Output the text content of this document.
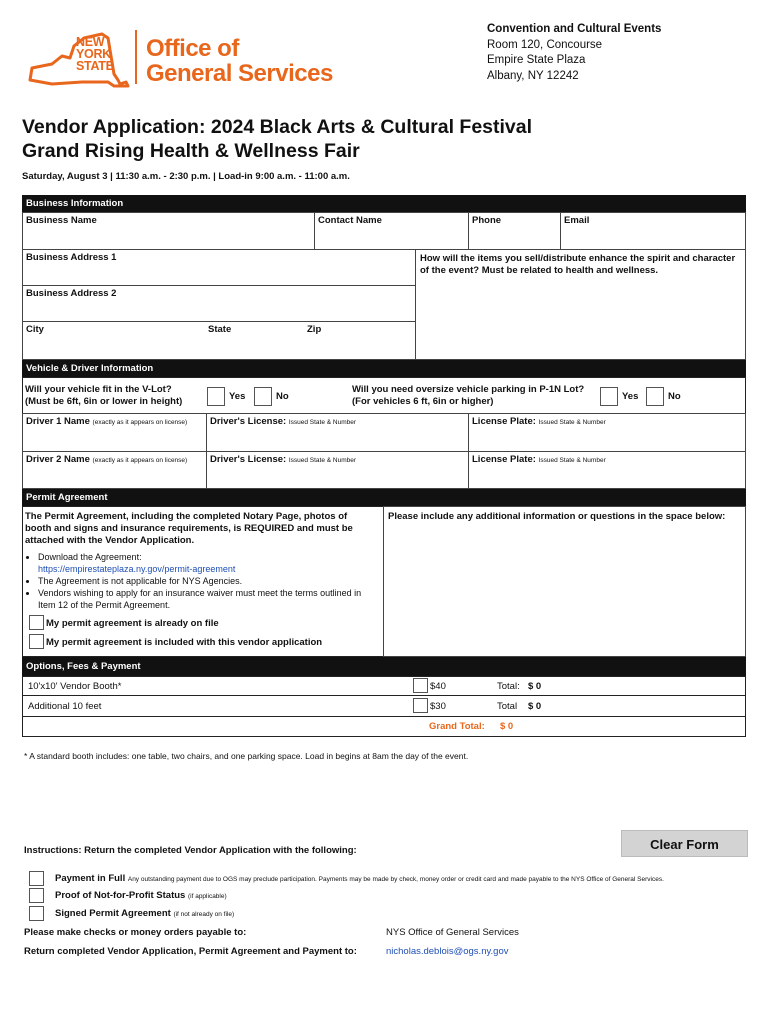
NEW
YORK
STATE
Office of
General Services
Convention and Cultural Events
Room 120, Concourse
Empire State Plaza
Albany, NY 12242
Vendor Application: 2024 Black Arts & Cultural Festival
Grand Rising Health & Wellness Fair
Saturday, August 3 | 11:30 a.m. - 2:30 p.m. | Load-in 9:00 a.m. - 11:00 a.m.
Business Information
Business Name	Contact Name	Phone	Email
Business Address 1
Business Address 2
City	State	Zip
How will the items you sell/distribute enhance the spirit and character of the event? Must be related to health and wellness.
Vehicle & Driver Information
Will your vehicle fit in the V-Lot?
(Must be 6ft, 6in or lower in height)	Yes	No
Will you need oversize vehicle parking in P-1N Lot?
(For vehicles 6 ft, 6in or higher)	Yes	No
Driver 1 Name (exactly as it appears on license)	Driver's License: Issued State & Number	License Plate: Issued State & Number
Driver 2 Name (exactly as it appears on license)	Driver's License: Issued State & Number	License Plate: Issued State & Number
Permit Agreement
The Permit Agreement, including the completed Notary Page, photos of booth and signs and insurance requirements, is REQUIRED and must be attached with the Vendor Application.
• Download the Agreement:
https://empirestateplaza.ny.gov/permit-agreement
• The Agreement is not applicable for NYS Agencies.
• Vendors wishing to apply for an insurance waiver must meet the terms outlined in Item 12 of the Permit Agreement.
My permit agreement is already on file
My permit agreement is included with this vendor application
Please include any additional information or questions in the space below:
Options, Fees & Payment
10'x10' Vendor Booth*	$40	Total: $ 0
Additional 10 feet	$30	Total $ 0
Grand Total: $ 0
* A standard booth includes: one table, two chairs, and one parking space. Load in begins at 8am the day of the event.
Clear Form
Instructions: Return the completed Vendor Application with the following:
Payment in Full Any outstanding payment due to OGS may preclude participation. Payments may be made by check, money order or credit card and made payable to the NYS Office of General Services.
Proof of Not-for-Profit Status (if applicable)
Signed Permit Agreement (if not already on file)
Please make checks or money orders payable to:	NYS Office of General Services
Return completed Vendor Application, Permit Agreement and Payment to:	nicholas.deblois@ogs.ny.gov
